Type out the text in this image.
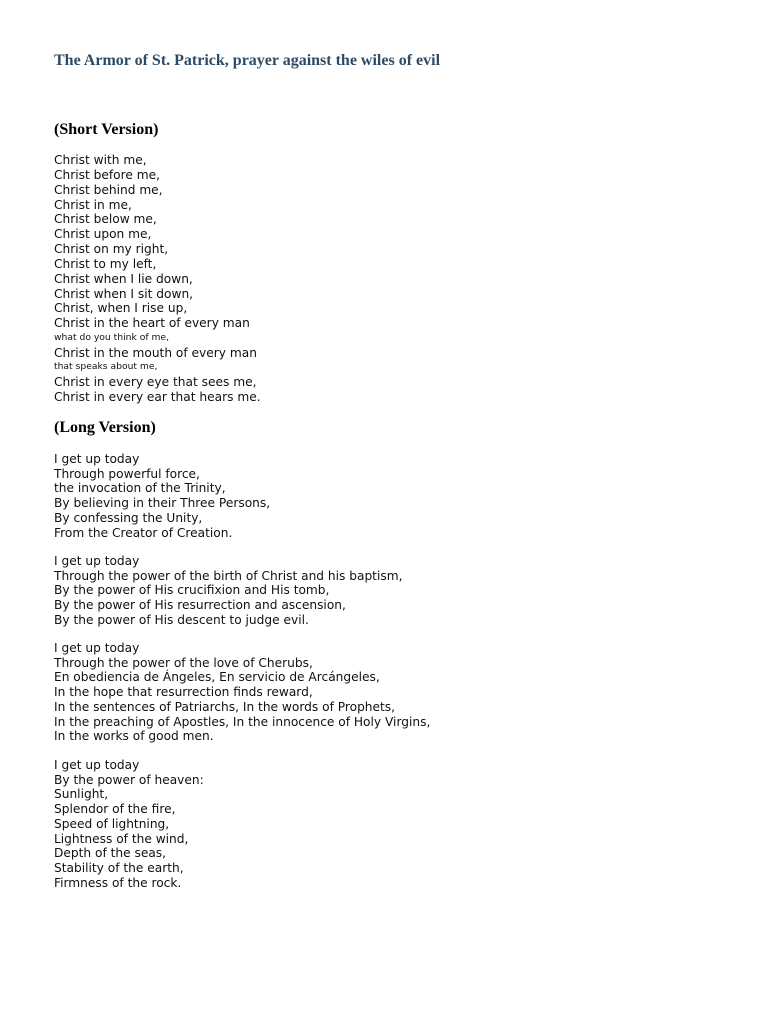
The Armor of St. Patrick, prayer against the wiles of evil
(Short Version)
Christ with me,
Christ before me,
Christ behind me,
Christ in me,
Christ below me,
Christ upon me,
Christ on my right,
Christ to my left,
Christ when I lie down,
Christ when I sit down,
Christ, when I rise up,
Christ in the heart of every man
what do you think of me,
Christ in the mouth of every man
that speaks about me,
Christ in every eye that sees me,
Christ in every ear that hears me.
(Long Version)
I get up today
Through powerful force,
the invocation of the Trinity,
By believing in their Three Persons,
By confessing the Unity,
From the Creator of Creation.
I get up today
Through the power of the birth of Christ and his baptism,
By the power of His crucifixion and His tomb,
By the power of His resurrection and ascension,
By the power of His descent to judge evil.
I get up today
Through the power of the love of Cherubs,
En obediencia de Ángeles, En servicio de Arcángeles,
In the hope that resurrection finds reward,
In the sentences of Patriarchs, In the words of Prophets,
In the preaching of Apostles, In the innocence of Holy Virgins,
In the works of good men.
I get up today
By the power of heaven:
Sunlight,
Splendor of the fire,
Speed of lightning,
Lightness of the wind,
Depth of the seas,
Stability of the earth,
Firmness of the rock.
